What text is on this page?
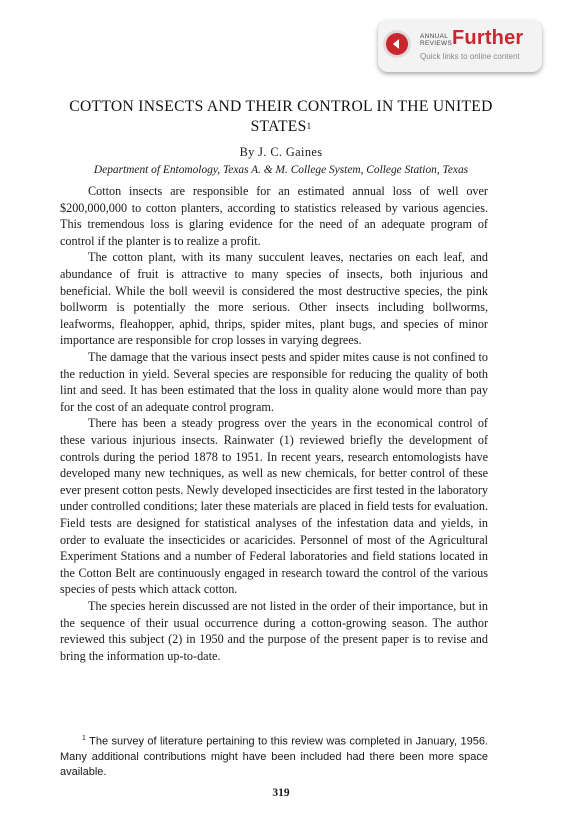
ANNUAL
REVIEWS Further
Quick links to online content
COTTON INSECTS AND THEIR CONTROL IN THE UNITED STATES$^1$
By J. C. Gaines
Department of Entomology, Texas A. & M. College System, College Station, Texas

Cotton insects are responsible for an estimated annual loss of well over $200,000,000 to cotton planters, according to statistics released by various agencies. This tremendous loss is glaring evidence for the need of an adequate program of control if the planter is to realize a profit.

The cotton plant, with its many succulent leaves, nectaries on each leaf, and abundance of fruit is attractive to many species of insects, both injurious and beneficial. While the boll weevil is considered the most destructive species, the pink bollworm is potentially the more serious. Other insects including bollworms, leafworms, fleahopper, aphid, thrips, spider mites, plant bugs, and species of minor importance are responsible for crop losses in varying degrees.

The damage that the various insect pests and spider mites cause is not confined to the reduction in yield. Several species are responsible for reducing the quality of both lint and seed. It has been estimated that the loss in quality alone would more than pay for the cost of an adequate control program.

There has been a steady progress over the years in the economical control of these various injurious insects. Rainwater (1) reviewed briefly the development of controls during the period 1878 to 1951. In recent years, research entomologists have developed many new techniques, as well as new chemicals, for better control of these ever present cotton pests. Newly developed insecticides are first tested in the laboratory under controlled conditions; later these materials are placed in field tests for evaluation. Field tests are designed for statistical analyses of the infestation data and yields, in order to evaluate the insecticides or acaricides. Personnel of most of the Agricultural Experiment Stations and a number of Federal laboratories and field stations located in the Cotton Belt are continuously engaged in research toward the control of the various species of pests which attack cotton.

The species herein discussed are not listed in the order of their importance, but in the sequence of their usual occurrence during a cotton-growing season. The author reviewed this subject (2) in 1950 and the purpose of the present paper is to revise and bring the information up-to-date.

$^1$ The survey of literature pertaining to this review was completed in January, 1956. Many additional contributions might have been included had there been more space available.

319
